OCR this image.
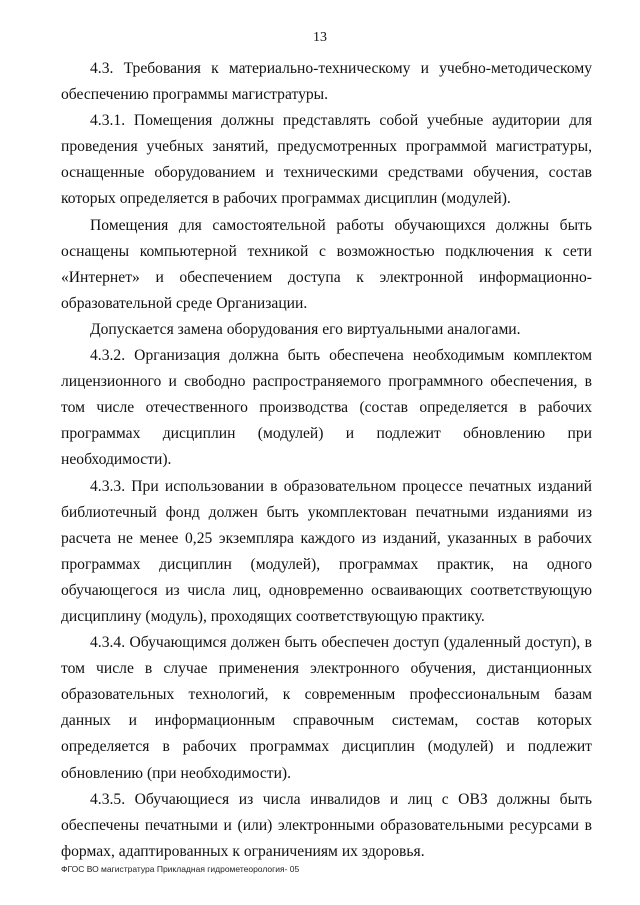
13

4.3. Требования к материально-техническому и учебно-методическому обеспечению программы магистратуры.

4.3.1. Помещения должны представлять собой учебные аудитории для проведения учебных занятий, предусмотренных программой магистратуры, оснащенные оборудованием и техническими средствами обучения, состав которых определяется в рабочих программах дисциплин (модулей).

Помещения для самостоятельной работы обучающихся должны быть оснащены компьютерной техникой с возможностью подключения к сети «Интернет» и обеспечением доступа к электронной информационно-образовательной среде Организации.

Допускается замена оборудования его виртуальными аналогами.

4.3.2. Организация должна быть обеспечена необходимым комплектом лицензионного и свободно распространяемого программного обеспечения, в том числе отечественного производства (состав определяется в рабочих программах дисциплин (модулей) и подлежит обновлению при необходимости).

4.3.3. При использовании в образовательном процессе печатных изданий библиотечный фонд должен быть укомплектован печатными изданиями из расчета не менее 0,25 экземпляра каждого из изданий, указанных в рабочих программах дисциплин (модулей), программах практик, на одного обучающегося из числа лиц, одновременно осваивающих соответствующую дисциплину (модуль), проходящих соответствующую практику.

4.3.4. Обучающимся должен быть обеспечен доступ (удаленный доступ), в том числе в случае применения электронного обучения, дистанционных образовательных технологий, к современным профессиональным базам данных и информационным справочным системам, состав которых определяется в рабочих программах дисциплин (модулей) и подлежит обновлению (при необходимости).

4.3.5. Обучающиеся из числа инвалидов и лиц с ОВЗ должны быть обеспечены печатными и (или) электронными образовательными ресурсами в формах, адаптированных к ограничениям их здоровья.

ФГОС ВО магистратура Прикладная гидрометеорология- 05
